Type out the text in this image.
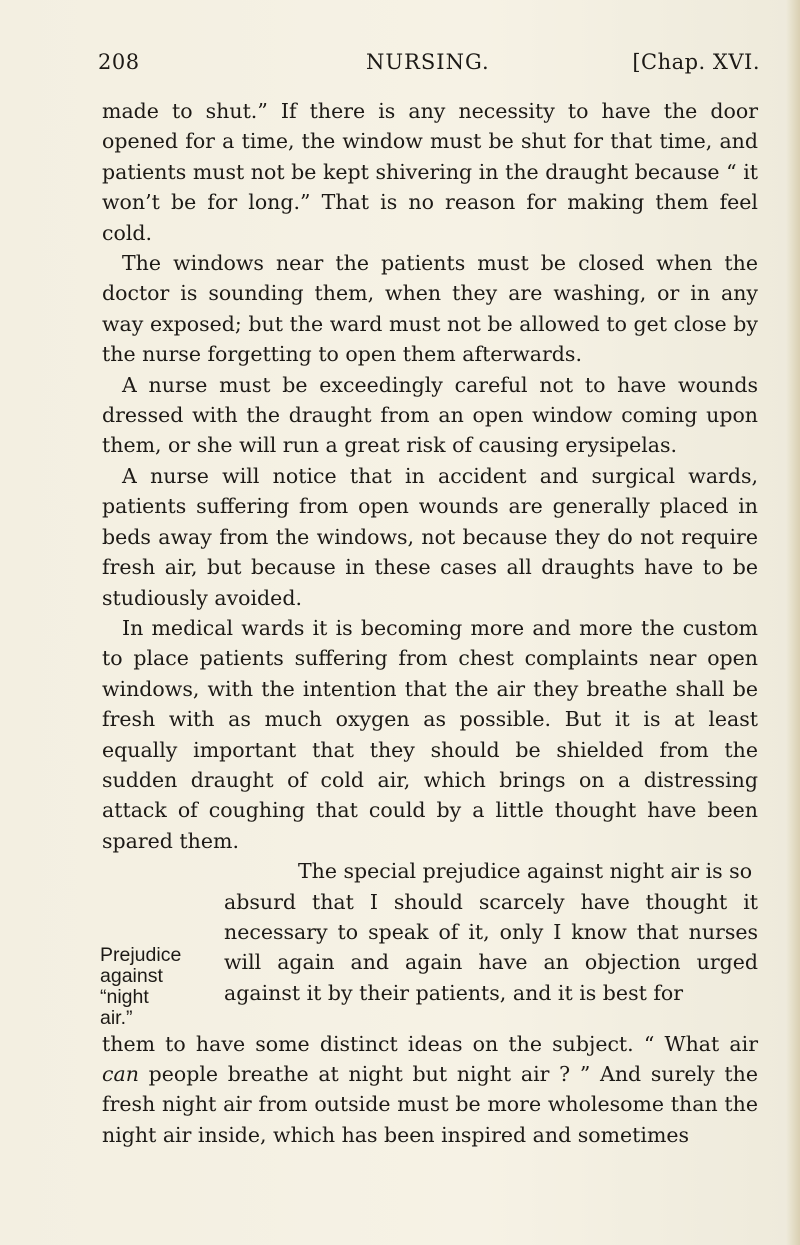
208	NURSING.	[Chap. XVI.

made to shut.” If there is any necessity to have the door opened for a time, the window must be shut for that time, and patients must not be kept shivering in the draught because “ it won’t be for long.” That is no reason for making them feel cold.

The windows near the patients must be closed when the doctor is sounding them, when they are washing, or in any way exposed; but the ward must not be allowed to get close by the nurse forgetting to open them afterwards.

A nurse must be exceedingly careful not to have wounds dressed with the draught from an open window coming upon them, or she will run a great risk of causing erysipelas.

A nurse will notice that in accident and surgical wards, patients suffering from open wounds are generally placed in beds away from the windows, not because they do not require fresh air, but because in these cases all draughts have to be studiously avoided.

In medical wards it is becoming more and more the custom to place patients suffering from chest complaints near open windows, with the intention that the air they breathe shall be fresh with as much oxygen as possible. But it is at least equally important that they should be shielded from the sudden draught of cold air, which brings on a distressing attack of coughing that could by a little thought have been spared them.

The special prejudice against night air is so

Prejudice
against
“night
air.”

absurd that I should scarcely have thought it necessary to speak of it, only I know that nurses will again and again have an objection urged against it by their patients, and it is best for

them to have some distinct ideas on the subject. “ What air can people breathe at night but night air ? ” And surely the fresh night air from outside must be more wholesome than the night air inside, which has been inspired and sometimes
